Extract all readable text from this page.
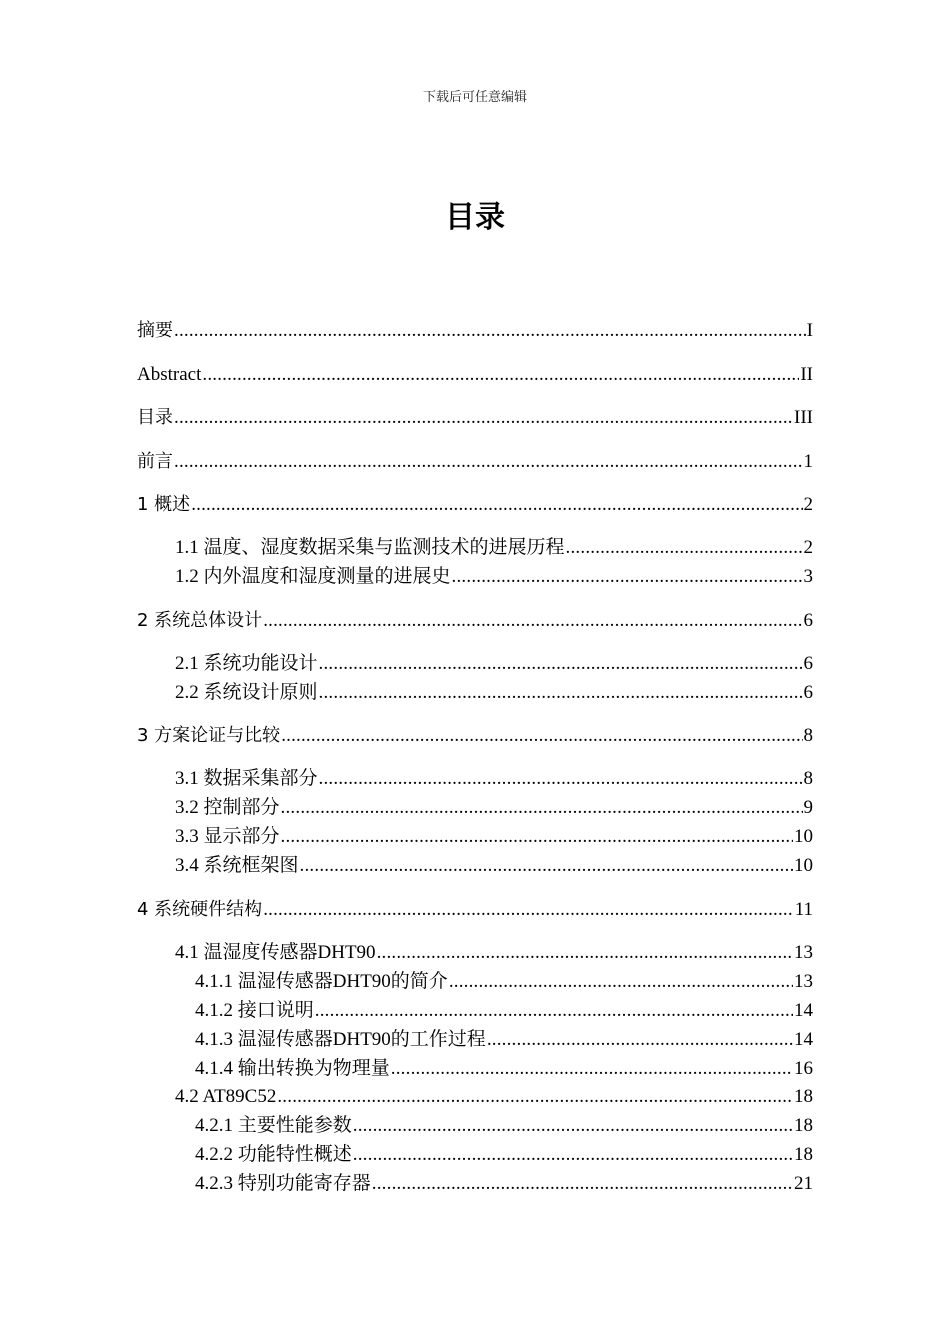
下载后可任意编辑
目录
摘要 .....	I
Abstract .....	II
目录 .....	III
前言 .....	1
1 概述 .....	2
1.1 温度、湿度数据采集与监测技术的进展历程 .....	2
1.2 内外温度和湿度测量的进展史 .....	3
2 系统总体设计 .....	6
2.1 系统功能设计 .....	6
2.2 系统设计原则 .....	6
3 方案论证与比较 .....	8
3.1 数据采集部分 .....	8
3.2 控制部分 .....	9
3.3 显示部分 .....	10
3.4 系统框架图 .....	10
4 系统硬件结构 .....	11
4.1 温湿度传感器DHT90 .....	13
4.1.1 温湿传感器DHT90的简介 .....	13
4.1.2 接口说明 .....	14
4.1.3 温湿传感器DHT90的工作过程 .....	14
4.1.4 输出转换为物理量 .....	16
4.2 AT89C52 .....	18
4.2.1 主要性能参数 .....	18
4.2.2 功能特性概述 .....	18
4.2.3 特别功能寄存器 .....	21
